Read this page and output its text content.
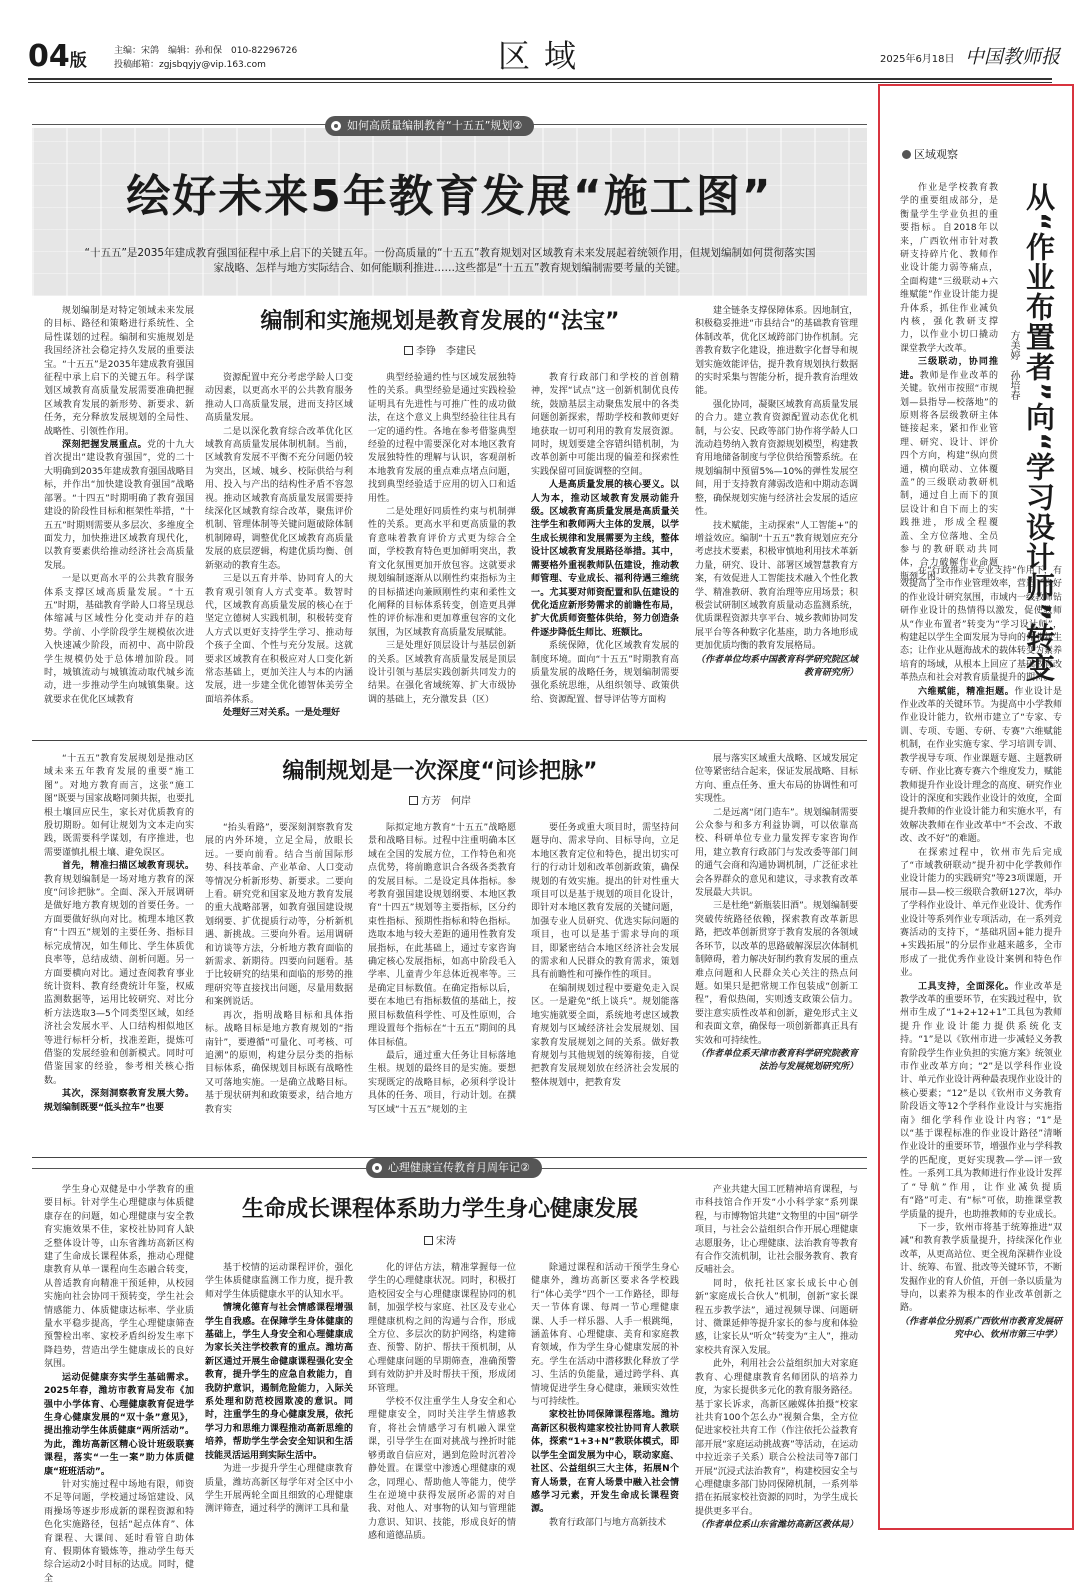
04版	主编：宋鸽　编辑：孙和保　010-82296726
投稿邮箱：zgjsbqyjy@vip.163.com	区域	2025年6月18日 中国教师报
如何高质量编制教育“十五五”规划②
绘好未来5年教育发展“施工图”
“十五五”是2035年建成教育强国征程中承上启下的关键五年。一份高质量的“十五五”教育规划对区域教育未来发展起着统领作用，但规划编制如何贯彻落实国家战略、怎样与地方实际结合、如何能顺利推进……这些都是“十五五”教育规划编制需要考量的关键。

规划编制是对特定领域未来发展的目标、路径和策略进行系统性、全局性谋划的过程。编制和实施规划是我国经济社会稳定持久发展的重要法宝。“十五五”是2035年建成教育强国征程中承上启下的关键五年。科学谋划区域教育高质量发展需要准确把握区域教育发展的新形势、新要求、新任务，充分释放发展规划的全局性、战略性、引领性作用。

深刻把握发展重点。党的十九大首次提出“建设教育强国”，党的二十大明确到2035年建成教育强国战略目标，并作出“加快建设教育强国”战略部署。“十四五”时期明确了教育强国建设的阶段性目标和框架性举措，“十五五”时期则需要从多层次、多维度全面发力，加快推进区域教育现代化，以教育要素供给推动经济社会高质量发展。

一是以更高水平的公共教育服务体系支撑区域高质量发展。“十五五”时期，基础教育学龄人口将呈现总体缩减与区域性分化变动并存的趋势。学前、小学阶段学生规模依次进入快速减少阶段，而初中、高中阶段学生规模仍处于总体增加阶段。同时，城镇流动与城镇流动取代城乡流动，进一步推动学生向城镇集聚。这就要求在优化区域教育

编制和实施规划是教育发展的“法宝”
李铮　李建民

资源配置中充分考虑学龄人口变动因素，以更高水平的公共教育服务推动人口高质量发展，进而支持区域高质量发展。

二是以深化教育综合改革优化区域教育高质量发展体制机制。当前，区域教育发展不平衡不充分问题仍较为突出，区域、城乡、校际供给与利用、投入与产出的结构性矛盾不容忽视。推动区域教育高质量发展需要持续深化区域教育综合改革，聚焦评价机制、管理体制等关键问题破除体制机制障碍，调整优化区域教育高质量发展的底层逻辑，构建优质均衡、创新驱动的教育生态。

三是以五育并举、协同育人的大教育观引领育人方式变革。数智时代，区域教育高质量发展的核心在于坚定立德树人实践机制，积极转变育人方式以更好支持学生学习、推动每个孩子全面、个性与充分发展。这就要求区域教育在积极应对人口变化新常态基础上，更加关注人与本的内涵发展，进一步建全优化德智体美劳全面培养体系。

处理好三对关系。一是处理好

典型经验通约性与区域发展独特性的关系。典型经验是通过实践检验证明具有先进性与可推广性的成功做法，在这个意义上典型经验往往具有一定的通约性。各地在参考借鉴典型经验的过程中需要深化对本地区教育发展独特性的理解与认识，客观剖析本地教育发展的重点难点堵点问题，找到典型经验适于应用的切入口和适用性。

二是处理好同质性约束与机制弹性的关系。更高水平和更高质量的教育意味着教育评价方式更为综合全面，学校教育特色更加鲜明突出，教育文化氛围更加开放包容。这就要求规划编制逐渐从以刚性约束指标为主的目标描述向兼顾刚性约束和柔性文化阐释的目标体系转变，创造更具弹性的评价标准和更加尊重包容的文化氛围，为区域教育高质量发展赋能。

三是处理好顶层设计与基层创新的关系。区域教育高质量发展是顶层设计引领与基层实践创新共同发力的结果。在强化省域统筹、扩大市级协调的基础上，充分激发县（区）

教育行政部门和学校的首创精神，发挥“试点”这一创新机制优良传统，鼓励基层主动聚焦发展中的各类问题创新探索，帮助学校和教师更好地获取一切可利用的教育发展资源。同时，规划要建全容错纠错机制，为改革创新中可能出现的偏差和探索性实践保留可回旋调整的空间。

人是高质量发展的核心要义。以人为本，推动区域教育发展动能升级。区域教育高质量发展是高质量关注学生和教师两大主体的发展，以学生成长规律和发展需要为主线，整体设计区域教育发展路径举措。其中，需要格外重视教师队伍建设，推动教师管理、专业成长、福利待遇三维统一。尤其要对师资配置和队伍建设的优化适应新形势需求的前瞻性布局，扩大优质师资整体供给，努力创造条件逐步降低生师比、班额比。

系统保障，优化区域教育发展的制度环境。面向“十五五”时期教育高质量发展的战略任务，规划编制需要强化系统思维，从组织领导、政策供给、资源配置、督导评估等方面构

建全链条支撑保障体系。因地制宜，积极稳妥推进“市县结合”的基础教育管理体制改革，优化区域跨部门协作机制。完善教育数字化建设，推进数字化督导和规划实施效能评估，提升教育规划执行数据的实时采集与智能分析，提升教育治理效能。

强化协同，凝聚区域教育高质量发展的合力。建立教育资源配置动态优化机制，与公安、民政等部门协作将学龄人口流动趋势纳入教育资源规划模型，构建教育用地储备制度与学位供给预警系统。在规划编制中预留5%—10%的弹性发展空间，用于支持教育薄弱改造和中期动态调整，确保规划实施与经济社会发展的适应性。

技术赋能，主动探索“人工智能+”的增益效应。编制“十五五”教育规划应充分考虑技术要素，积极审慎地利用技术革新力量，研究、设计、部署区域智慧教育方案，有效促进人工智能技术融入个性化教学、精准教研、教育治理等应用场景；积极尝试研制区域教育质量动态监测系统，优质课程资源共享平台、城乡教师协同发展平台等各种数字化基座，助力各地形成更加优质均衡的教育发展格局。

（作者单位均系中国教育科学研究院区域教育研究所）

“十五五”教育发展规划是推动区域未来五年教育发展的重要“施工图”。对地方教育而言，这张“施工图”既要与国家战略同频共振，也要扎根土壤回应民生，家长对优质教育的殷切期盼。如何让规划为文本走向实践，既需要科学谋划，有序推进，也需要谨慎扎根土壤、避免误区。

首先，精准扫描区域教育现状。教育规划编制是一场对地方教育的深度“问诊把脉”。全面、深入开展调研是做好地方教育规划的首要任务。一方面要做好纵向对比。梳理本地区教育“十四五”规划的主要任务、指标目标完成情况，如生师比、学生体质优良率等，总结成绩、剖析问题。另一方面要横向对比。通过查阅教育事业统计资料、教育经费统计年鉴，权威监测数据等，运用比较研究、对比分析方法选取3—5个同类型区域，如经济社会发展水平、人口结构相似地区等进行标杆分析，找准差距，提炼可借鉴的发展经验和创新模式。同时可借鉴国家的经验，参考相关核心指数。

其次，深刻洞察教育发展大势。规划编制既要“低头拉车”也要

编制规划是一次深度“问诊把脉”
方芳　何岸

“抬头看路”，要深刻洞察教育发展的内外环境，立足全局，放眼长远。一要向前看。结合当前国际形势、科技革命、产业革命、人口变动等情况分析新形势、新要求。二要向上看。研究党和国家及地方教育发展的重大战略部署，如教育强国建设规划纲要、扩优提质行动等，分析新机遇、新挑战。三要向外看。运用调研和访谈等方法，分析地方教育面临的新需求、新期待。四要向问题看。基于比较研究的结果和面临的形势的推理研究等直接找出问题，尽量用数据和案例说话。

再次，指明战略目标和具体指标。战略目标是地方教育规划的“指南针”，要遵循“可量化、可考核、可追溯”的原则，构建分层分类的指标目标体系，确保规划目标既有战略性又可落地实施。一是确立战略目标。基于现状研判和政策要求，结合地方教育实

际拟定地方教育“十五五”战略愿景和战略目标。过程中注重明确本区域在全国的发展方位，工作特色和亮点优势，将前瞻意识合各级各类教育的发展目标。二是设定具体指标。参考教育强国建设规划纲要、本地区教育“十四五”规划等主要指标，区分约束性指标、预期性指标和特色指标。选取本地与较大差距的通用性教育发展指标，在此基础上，通过专家咨询确定核心发展指标，如高中阶段毛入学率、儿童青少年总体近视率等。三是确定目标数值。在确定指标以后，要在本地已有指标数值的基础上，按照目标数值科学性、可及性原则，合理设置每个指标在“十五五”期间的具体目标值。

最后，通过重大任务让目标落地生根。规划的最终目的是实施。要想实现既定的战略目标，必须科学设计具体的任务、项目，行动计划。在撰写区域“十五五”规划的主

要任务或重大项目时，需坚持问题导向、需求导向、目标导向，立足本地区教育定位和特色，提出切实可行的行动计划和改革创新政策，确保规划的有效实施。提出的针对性重大项目可以是基于规划的项目化设计，即针对本地区教育发展的关键问题，加强专业人员研究、优选实际问题的项目，也可以是基于需求导向的项目，即紧密结合本地区经济社会发展的需求和人民群众的教育需求，策划具有前瞻性和可操作性的项目。

在编制规划过程中要避免走入误区。一是避免“纸上谈兵”。规划能落地实施就要全面，系统地考虑区域教育规划与区域经济社会发展规划、国家教育发展规划之间的关系。做好教育规划与其他规划的统筹衔接，自觉把教育发展规划放在经济社会发展的整体规划中，把教育发

展与落实区域重大战略、区域发展定位等紧密结合起来，保证发展战略、目标方向、重点任务、重大布局的协调性和可实现性。

二是远离“闭门造车”。规划编制需要公众参与和多方利益协调，可以依靠高校、科研单位专业力量发挥专家咨询作用，建立教育行政部门与发改委等部门间的通气会商和沟通协调机制，广泛征求社会各界群众的意见和建议，寻求教育改革发展最大共识。

三是杜绝“新瓶装旧酒”。规划编制要突破传统路径依赖，探索教育改革新思路，把改革创新贯穿于教育发展的各领域各环节，以改革的思路破解深层次体制机制障碍，着力解决好制约教育发展的重点难点问题和人民群众关心关注的热点问题。如果只是把常规工作包装成“创新工程”，看似热闹，实则透支政策公信力。要注意实质性改革和创新，避免形式主义和表面文章，确保每一项创新都真正具有实效和可持续性。

（作者单位系天津市教育科学研究院教育法治与发展规划研究所）

心理健康宣传教育月周年记②

学生身心双健是中小学教育的重要目标。针对学生心理健康与体质健康存在的问题，如心理健康与安全教育实施效果不佳，家校社协同育人缺乏整体设计等，山东省潍坊高新区构建了生命成长课程体系，推动心理健康教育从单一课程向生态融合转变，从普适教育向精准干预延伸，从校园实施向社会协同干预转变，学生社会情感能力、体质健康达标率、学业质量水平稳步提高，学生心理健康筛查预警检出率、家校矛盾纠纷发生率下降趋势，营造出学生健康成长的良好氛围。

运动促健康夯实学生基础需求。2025年春，潍坊市教育局发布《加强中小学体育、心理健康教育促进学生身心健康发展的“双十条”意见》，提出推动学生体质健康“两所活动”。为此，潍坊高新区精心设计班级联赛课程，落实“一生一案”助力体质健康“班班活动”。

针对实施过程中场地有限，师资不足等问题，学校通过场馆建设、风雨操场等逐步形成新的课程资源和特色化实施路径，包括“起点体育”、体育课程、大课间、延时看管自助体育、假期体育锻炼等，推动学生每天综合运动2小时目标的达成。同时，健全

生命成长课程体系助力学生身心健康发展
宋涛

基于校情的运动课程评价，强化学生体质健康监测工作力度，提升教师对学生体质健康水平的认知水平。

情境化德育与社会情感课程增强学生自我感。在保障学生身体健康的基础上，学生人身安全和心理健康成为家长关注学校教育的重点。潍坊高新区通过开展生命健康课程强化安全教育，提升学生的应急自救能力，自我防护意识，遏制危险能力，入际关系处理和防范校园欺凌的意识。同时，注重学生的身心健康发展，依托学习力和思维力课程推动高新思维的培养，帮助学生学会安全知识和生活技能灵活运用到实际生活中。

为进一步提升学生心理健康教育质量，潍坊高新区每学年对全区中小学生开展两轮全面且细致的心理健康测评筛查，通过科学的测评工具和量

化的评估方法，精准掌握每一位学生的心理健康状况。同时，积极打造校园安全与心理健康课程协同的机制，加强学校与家庭、社区及专业心理健康机构之间的沟通与合作，形成全方位、多层次的防护网络，构建筛查、预警、防护、帮扶干预机制，从心理健康问题的早期筛查，准确预警到有效防护并及时帮扶干预，形成闭环管理。

学校不仅注重学生人身安全和心理健康安全，同时关注学生情感教育，将社会情感学习有机融入课堂课，引导学生在面对挑战与挫折时能够勇敢自信应对，遇到危险时沉着冷静处置。在课堂中渗透心理健康的观念，同理心、帮助他人等能力，使学生在逆境中获得发展所必需的对自我、对他人、对事物的认知与管理能力意识、知识、技能，形成良好的情感和道德品质。

除通过课程和活动干预学生身心健康外，潍坊高新区要求各学校践行“体心美学”四个一工作路径，即每天一节体育课、每周一节心理健康课、人手一样乐器、人手一根跳绳，涵盖体育、心理健康、美育和家庭教育领域，作为学生身心健康发展的补充。学生在活动中潜移默化释放了学习、生活的负能量，通过跨学科、真情境促进学生身心健康，兼顾实效性与可持续性。

家校社协同保障课程落地。潍坊高新区积极构建家校社协同育人教联体，探索“1+3+N”教联体模式，即以学生全面发展为中心，联动家庭、社区、公益组织三大主体，拓展N个育人场景，在育人场景中融入社会情感学习元素，开发生命成长课程资源。

教育行政部门与地方高新技术

产业共建大国工匠精神培育课程，与市科技馆合作开发“小小科学家”系列课程，与市博物馆共建“文物里的中国”研学项目，与社会公益组织合作开展心理健康志愿服务，让心理健康、法治教育等教育有合作交流机制，让社会服务教育、教育反哺社会。

同时，依托社区家长成长中心创新“家庭成长合伙人”机制，创新“家长课程五步教学法”，通过视频导课、问题研讨、微课延伸等提升家长的参与度和体验感，让家长从“听众”转变为“主人”，推动家校共育深入发展。

此外，利用社会公益组织加大对家庭教育、心理健康教育名师团队的培养力度，为家长提供多元化的教育服务路径。基于家长诉求，高新区融媒体拍摄“校家社共育100个怎么办”视频合集，全方位促进家校社共育工作（作注依托公益教育部开展“家庭运动挑战赛”等活动，在运动中拉近亲子关系）联合公检法司等7部门开展“沉浸式法治教育”，构建校园安全与心理健康多部门协同保障机制，一系列举措在拓展家校社资源的同时，为学生成长提供更多平台。

（作者单位系山东省潍坊高新区教体局）

区域观察
从“作业布置者”向“学习设计师”转变
方美婷　孙培春

作业是学校教育教学的重要组成部分，是衡量学生学业负担的重要指标。自2018年以来，广西钦州市针对教研支持碎片化、教师作业设计能力弱等痛点，全面构建“三级联动+六维赋能”作业设计能力提升体系，抓住作业减负内核，强化教研支撑力，以作业小切口撬动课堂教学大改革。

三级联动，协同推进。教师是作业改革的关键。钦州市按照“市规划—县指导—校落地”的原则将各层级教研主体链接起来，紧扣作业管理、研究、设计、评价四个方向，构建“纵向贯通，横向联动、立体覆盖”的三级联动教研机制，通过自上而下的顶层设计和自下而上的实践推进，形成全程覆盖、全方位落地、全员参与的教研联动共同体，合力破解作业命题瓶颈之困。

在“行政推动+专业支持”作用下，有效提高了全市作业管理效率，营造了良好的作业设计研究氛围，市域内一线教师钻研作业设计的热情得以激发，促使教师从“作业布置者”转变为“学习设计师”，构建起以学生全面发展为导向的作业新生态；让作业从题海战术的载体转变为素养培育的场域，从根本上回应了基础教育改革热点和社会对教育质量提升的期待。

六维赋能，精准拒题。作业设计是作业改革的关键环节。为提高中小学教师作业设计能力，钦州市建立了“专家、专训、专项、专题、专研、专赛”六维赋能机制，在作业实施专家、学习培训专训、教学视导专项、作业课题专题、主题教研专研、作业比赛专赛六个维度发力，赋能教师提升作业设计理念的高度、研究作业设计的深度和实践作业设计的效度，全面提升教师的作业设计能力和实施水平，有效解决教师在作业改革中“不会改、不敢改、改不好”的难题。

在探索过程中，钦州市先后完成了“市域教研联动”提升初中化学教师作业设计能力的实践研究”等23项课题，开展市—县—校三级联合教研127次，举办了学科作业设计、单元作业设计、优秀作业设计等系列作业专项活动，在一系列竞赛活动的支持下，“基础巩固+能力提升+实践拓展”的分层作业越来越多，全市形成了一批优秀作业设计案例和特色作业。

工具支持，全面深化。作业改革是教学改革的重要环节，在实践过程中，钦州市生成了“1+2+12+1”工具包为教师提升作业设计能力提供系统化支持。“1”是以《钦州市进一步减轻义务教育阶段学生作业负担的实施方案》统领业市作业改革方向；“2”是以学科作业设计、单元作业设计两种最表现作业设计的核心要素；“12”是以《钦州市义务教育阶段语文等12个学科作业设计与实施指南》细化学科作业设计内容；“1”是以“基于课程标准的作业设计路径”清晰作业设计的重要环节，增强作业与学科教学的匹配度，更好实现教—学—评一致性。一系列工具为教师进行作业设计发挥了“导航”作用，让作业减负提质有“路”可走、有“标”可依，助推课堂教学质量的提升，也助推教师的专业成长。

下一步，钦州市将基于统筹推进“双减”和教育教学质量提升，持续深化作业改革，从更高站位、更全视角深耕作业设计、统筹、布置、批改等关键环节，不断发掘作业的育人价值，开创一条以质量为导向，以素养为根本的作业改革创新之路。

（作者单位分别系广西钦州市教育发展研究中心、钦州市第三中学）
